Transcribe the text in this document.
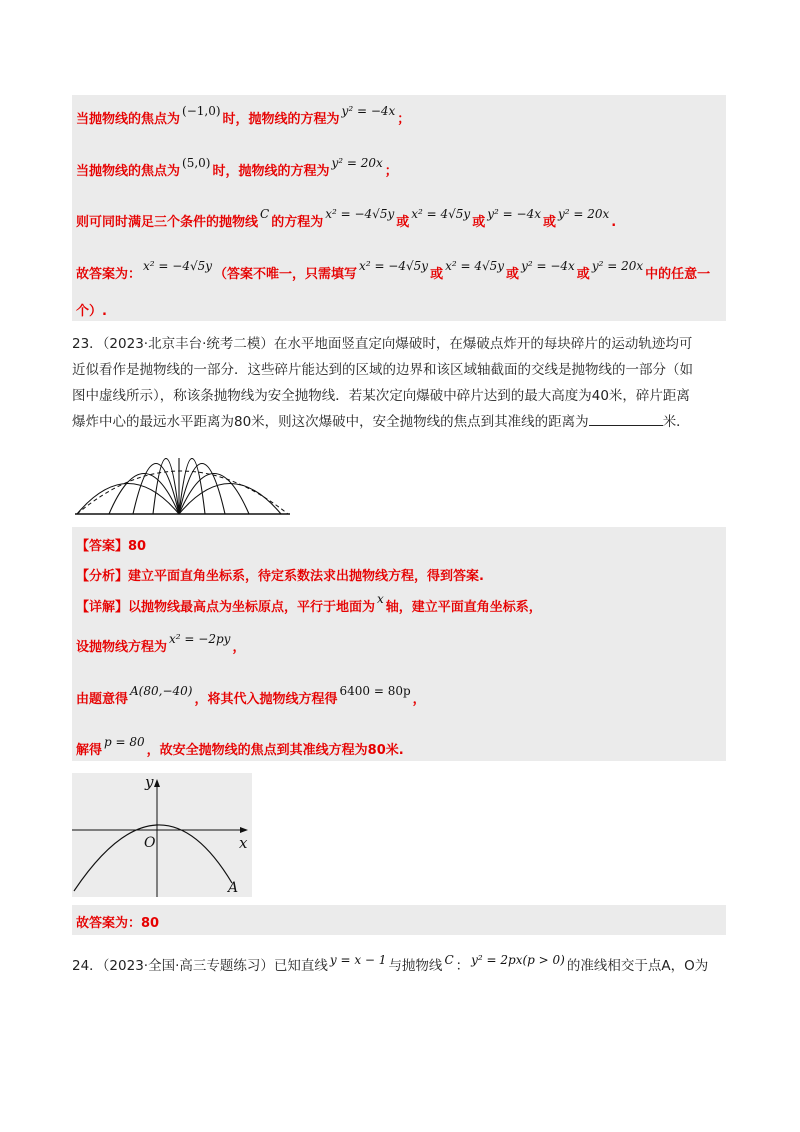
当抛物线的焦点为(−1,0)时，抛物线的方程为y² = −4x；
当抛物线的焦点为(5,0)时，抛物线的方程为y² = 20x；
则可同时满足三个条件的抛物线C的方程为x² = −4√5y或x² = 4√5y或y² = −4x或y² = 20x.
故答案为：x² = −4√5y（答案不唯一，只需填写x² = −4√5y或x² = 4√5y或y² = −4x或y² = 20x中的任意一
个）.
23．（2023·北京丰台·统考二模）在水平地面竖直定向爆破时，在爆破点炸开的每块碎片的运动轨迹均可
近似看作是抛物线的一部分．这些碎片能达到的区域的边界和该区域轴截面的交线是抛物线的一部分（如
图中虚线所示），称该条抛物线为安全抛物线．若某次定向爆破中碎片达到的最大高度为40米，碎片距离
爆炸中心的最远水平距离为80米，则这次爆破中，安全抛物线的焦点到其准线的距离为	米．
【答案】80
【分析】建立平面直角坐标系，待定系数法求出抛物线方程，得到答案.
【详解】以抛物线最高点为坐标原点，平行于地面为x轴，建立平面直角坐标系，
设抛物线方程为x² = −2py，
由题意得A(80,−40)，将其代入抛物线方程得6400 = 80p，
解得p = 80，故安全抛物线的焦点到其准线方程为80米.
y
x
O
A
故答案为：80
24．（2023·全国·高三专题练习）已知直线 y = x − 1 与抛物线 C ： y² = 2px(p > 0) 的准线相交于点A，O为
